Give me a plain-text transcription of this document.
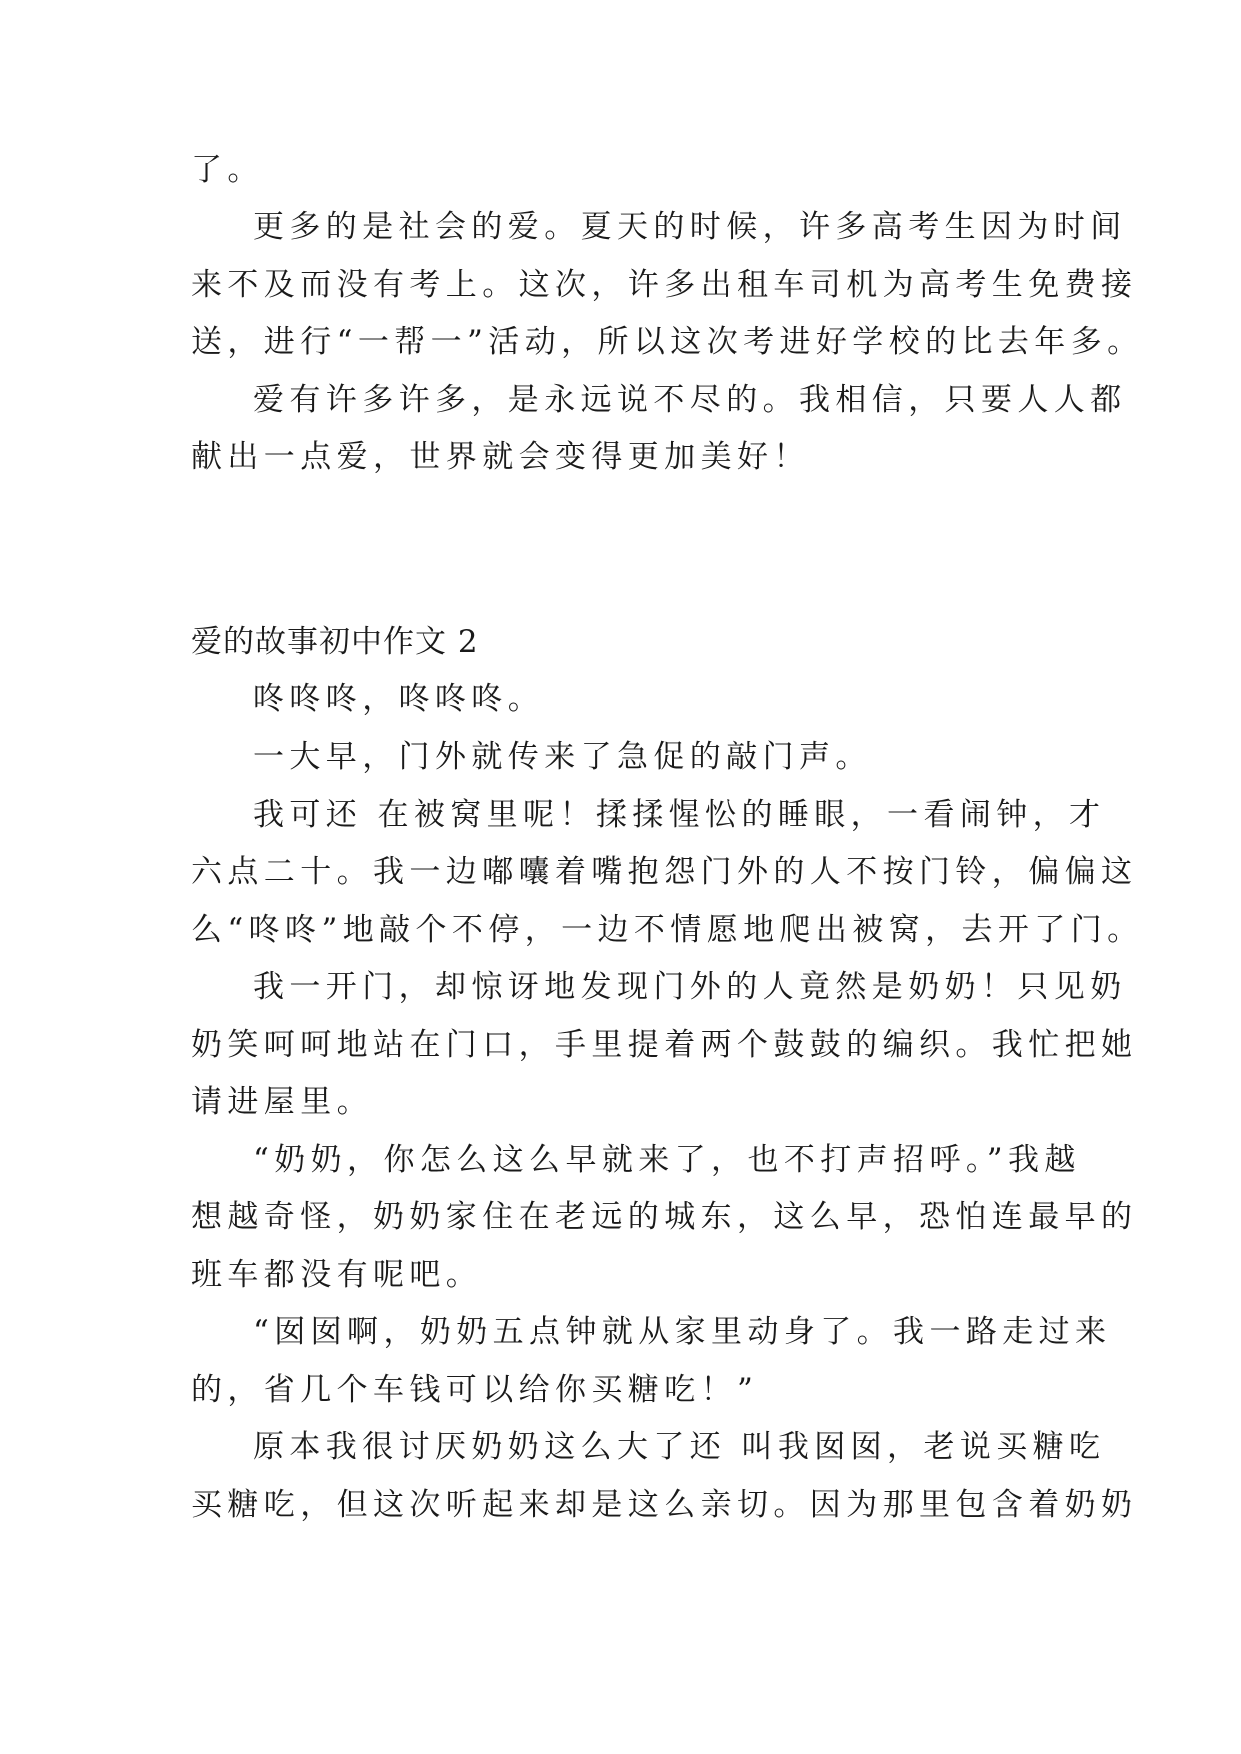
了。
更多的是社会的爱。夏天的时候，许多高考生因为时间
来不及而没有考上。这次，许多出租车司机为高考生免费接
送，进行“一帮一”活动，所以这次考进好学校的比去年多。
爱有许多许多，是永远说不尽的。我相信，只要人人都
献出一点爱，世界就会变得更加美好！
爱的故事初中作文 2
咚咚咚，咚咚咚。
一大早，门外就传来了急促的敲门声。
我可还 在被窝里呢！揉揉惺忪的睡眼，一看闹钟，才
六点二十。我一边嘟囔着嘴抱怨门外的人不按门铃，偏偏这
么“咚咚”地敲个不停，一边不情愿地爬出被窝，去开了门。
我一开门，却惊讶地发现门外的人竟然是奶奶！只见奶
奶笑呵呵地站在门口，手里提着两个鼓鼓的编织。我忙把她
请进屋里。
“奶奶，你怎么这么早就来了，也不打声招呼。”我越
想越奇怪，奶奶家住在老远的城东，这么早，恐怕连最早的
班车都没有呢吧。
“囡囡啊，奶奶五点钟就从家里动身了。我一路走过来
的，省几个车钱可以给你买糖吃！”
原本我很讨厌奶奶这么大了还 叫我囡囡，老说买糖吃
买糖吃，但这次听起来却是这么亲切。因为那里包含着奶奶
